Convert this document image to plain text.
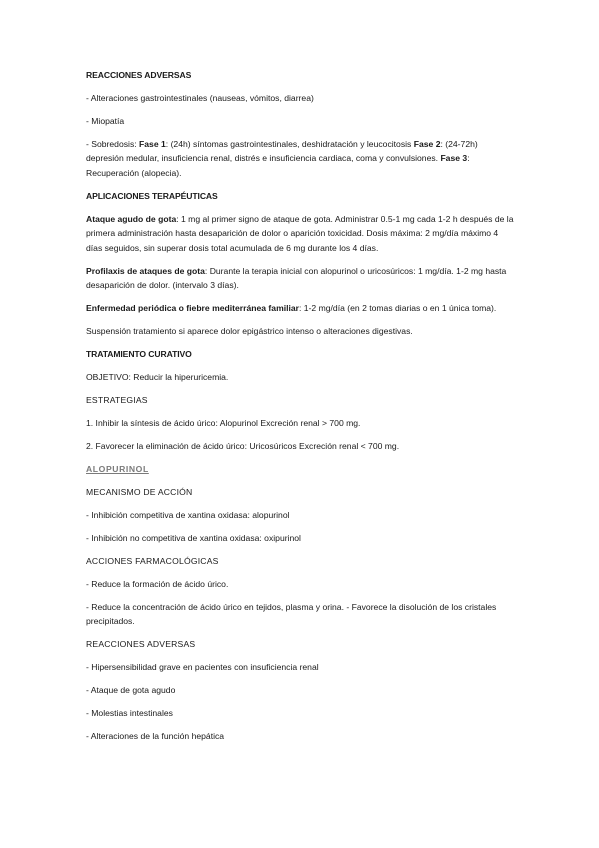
REACCIONES ADVERSAS

- Alteraciones gastrointestinales (nauseas, vómitos, diarrea)

- Miopatía

- Sobredosis: Fase 1: (24h) síntomas gastrointestinales, deshidratación y leucocitosis Fase 2: (24-72h) depresión medular, insuficiencia renal, distrés e insuficiencia cardiaca, coma y convulsiones. Fase 3: Recuperación (alopecia).

APLICACIONES TERAPÉUTICAS

Ataque agudo de gota: 1 mg al primer signo de ataque de gota. Administrar 0.5-1 mg cada 1-2 h después de la primera administración hasta desaparición de dolor o aparición toxicidad. Dosis máxima: 2 mg/día máximo 4 días seguidos, sin superar dosis total acumulada de 6 mg durante los 4 días.

Profilaxis de ataques de gota: Durante la terapia inicial con alopurinol o uricosúricos: 1 mg/día. 1-2 mg hasta desaparición de dolor. (intervalo 3 días).

Enfermedad periódica o fiebre mediterránea familiar: 1-2 mg/día (en 2 tomas diarias o en 1 única toma).

Suspensión tratamiento si aparece dolor epigástrico intenso o alteraciones digestivas.

TRATAMIENTO CURATIVO

OBJETIVO: Reducir la hiperuricemia.

ESTRATEGIAS

1. Inhibir la síntesis de ácido úrico: Alopurinol Excreción renal > 700 mg.

2. Favorecer la eliminación de ácido úrico: Uricosúricos Excreción renal < 700 mg.

ALOPURINOL

MECANISMO DE ACCIÓN

- Inhibición competitiva de xantina oxidasa: alopurinol

- Inhibición no competitiva de xantina oxidasa: oxipurinol

ACCIONES FARMACOLÓGICAS

- Reduce la formación de ácido úrico.

- Reduce la concentración de ácido úrico en tejidos, plasma y orina. - Favorece la disolución de los cristales precipitados.

REACCIONES ADVERSAS

- Hipersensibilidad grave en pacientes con insuficiencia renal

- Ataque de gota agudo

- Molestias intestinales

- Alteraciones de la función hepática
